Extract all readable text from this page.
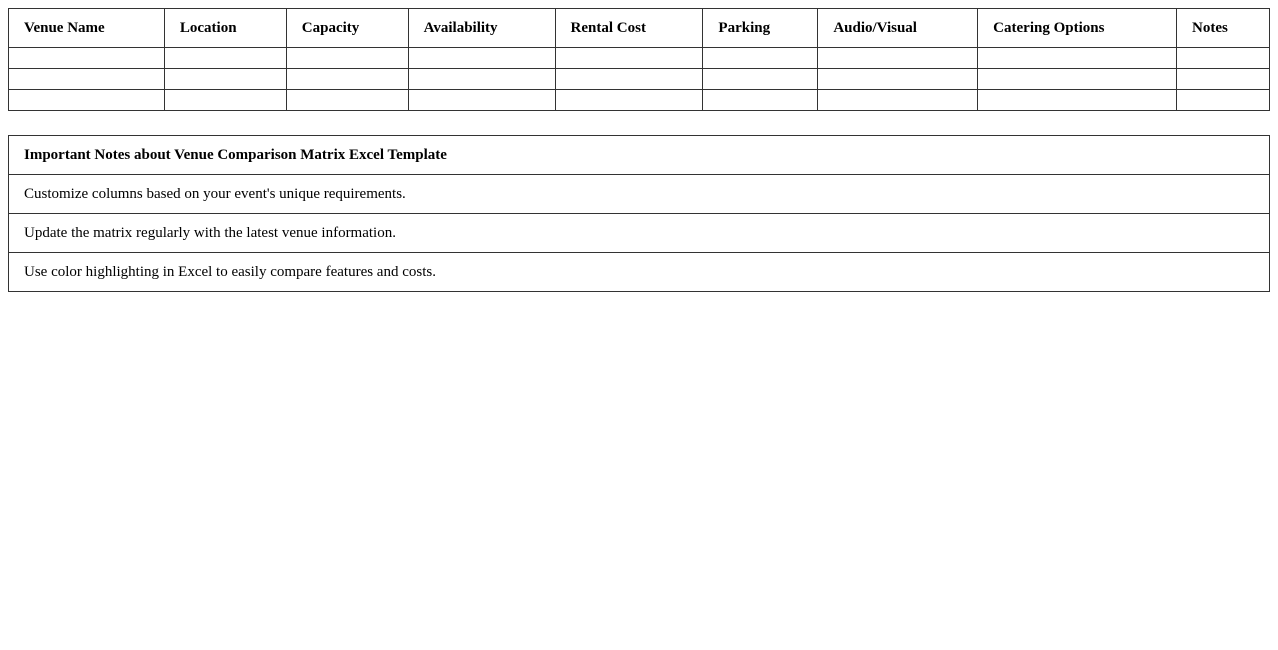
Venue Name	Location	Capacity	Availability	Rental Cost	Parking	Audio/Visual	Catering Options	Notes

Important Notes about Venue Comparison Matrix Excel Template
Customize columns based on your event's unique requirements.
Update the matrix regularly with the latest venue information.
Use color highlighting in Excel to easily compare features and costs.
